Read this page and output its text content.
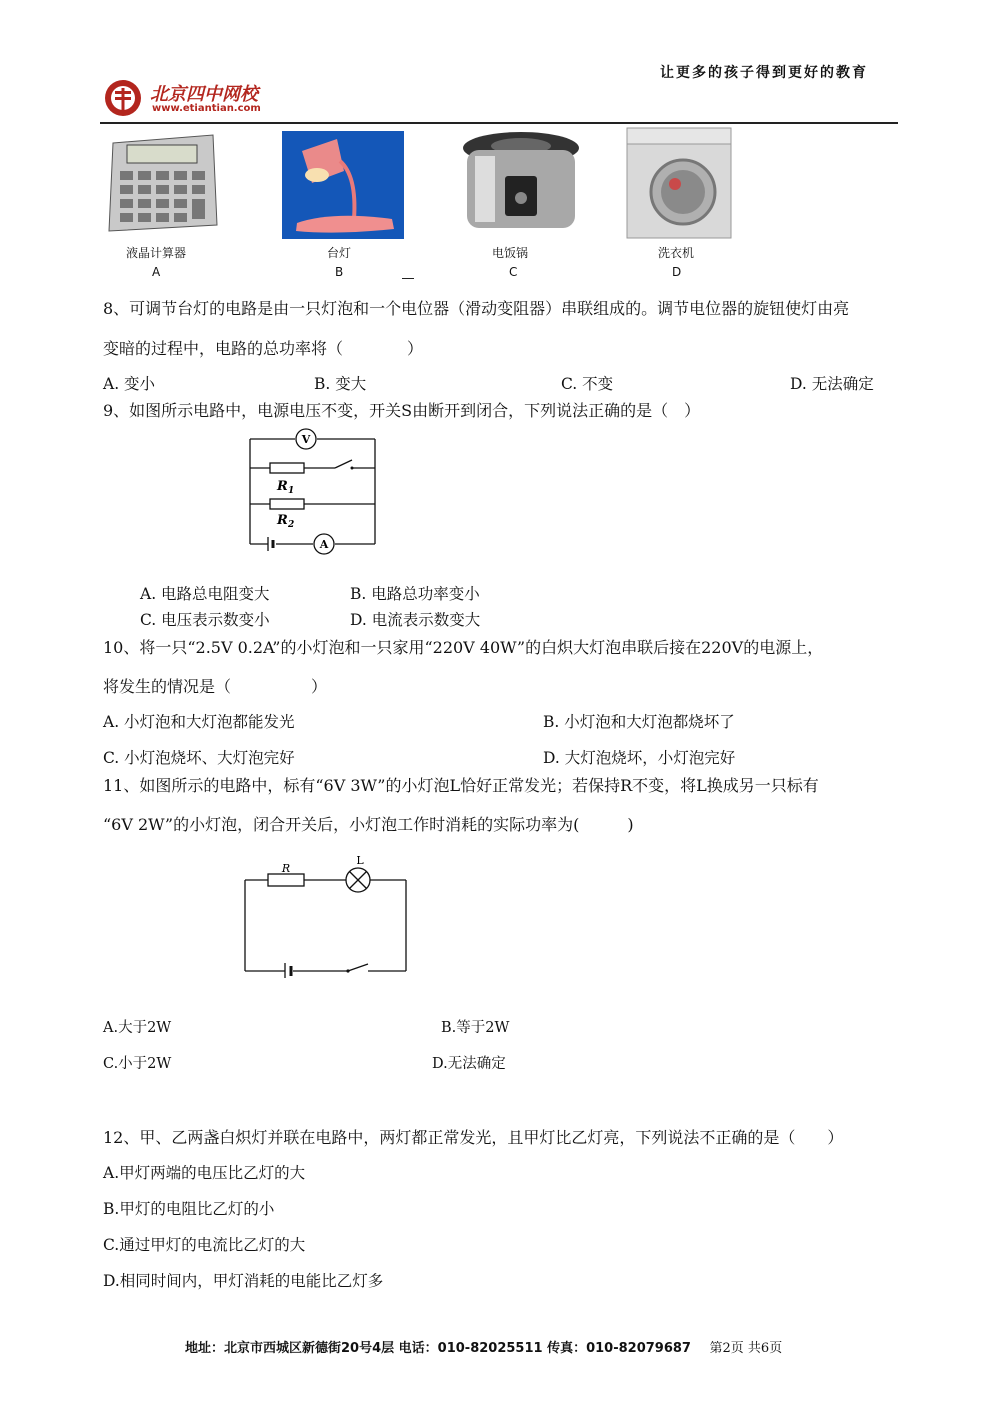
让更多的孩子得到更好的教育
北京四中网校
www.etiantian.com
液晶计算器	台灯	电饭锅	洗衣机
A	B	C	D
8、可调节台灯的电路是由一只灯泡和一个电位器（滑动变阻器）串联组成的。调节电位器的旋钮使灯由亮
变暗的过程中，电路的总功率将（　　　　）
A. 变小	B. 变大	C. 不变	D. 无法确定
9、如图所示电路中，电源电压不变，开关S由断开到闭合，下列说法正确的是（　）
V
A
R 1
R 2
A. 电路总电阻变大	B. 电路总功率变小
C. 电压表示数变小	D. 电流表示数变大
10、将一只“2.5V 0.2A”的小灯泡和一只家用“220V 40W”的白炽大灯泡串联后接在220V的电源上，
将发生的情况是（　　　　　）
A. 小灯泡和大灯泡都能发光	B. 小灯泡和大灯泡都烧坏了
C. 小灯泡烧坏、大灯泡完好	D. 大灯泡烧坏，小灯泡完好
11、如图所示的电路中，标有“6V 3W”的小灯泡L恰好正常发光；若保持R不变，将L换成另一只标有
“6V 2W”的小灯泡，闭合开关后，小灯泡工作时消耗的实际功率为(　　　)
R
L
A.大于2W	B.等于2W
C.小于2W	D.无法确定
12、甲、乙两盏白炽灯并联在电路中，两灯都正常发光，且甲灯比乙灯亮，下列说法不正确的是（　　）
A.甲灯两端的电压比乙灯的大
B.甲灯的电阻比乙灯的小
C.通过甲灯的电流比乙灯的大
D.相同时间内，甲灯消耗的电能比乙灯多
地址：北京市西城区新德街20号4层 电话：010-82025511 传真：010-82079687 第2页 共6页
